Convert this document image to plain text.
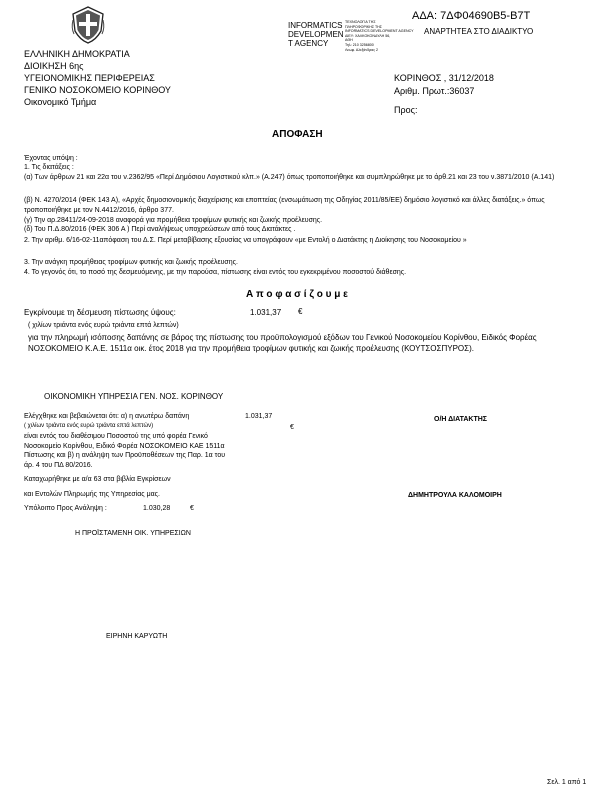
ΕΛΛΗΝΙΚΗ ΔΗΜΟΚΡΑΤΙΑ
ΔΙΟΙΚΗΣΗ 6ης
ΥΓΕΙΟΝΟΜΙΚΗΣ ΠΕΡΙΦΕΡΕΙΑΣ
ΓΕΝΙΚΟ ΝΟΣΟΚΟΜΕΙΟ ΚΟΡΙΝΘΟΥ
Οικονομικό Τμήμα
INFORMATICS
DEVELOPMEN
T AGENCY
ΤΕΧΝΟΛΟΓΙΑ ΤΗΣ
ΠΛΗΡΟΦΟΡΙΚΗΣ ΤΗΣ
INFORMATICS DEVELOPMENT AGENCY
ΔΙΕΥ: ΧΑΛΚΟΚΟΝΔΥΛΗ 56,
ΑΘΗ
Τηλ: 210 3256800
Λεωφ. Αλεξάνδρας 2
ΑΔΑ: 7ΔΦ04690Β5-Β7Τ
ΑΝΑΡΤΗΤΕΑ ΣΤΟ ΔΙΑΔΙΚΤΥΟ
ΚΟΡΙΝΘΟΣ , 31/12/2018
Αριθμ. Πρωτ.:36037
Προς:
ΑΠΟΦΑΣΗ
Έχοντας υπόψη :
1. Τις διατάξεις :
(α) Των άρθρων 21 και 22α του ν.2362/95 «Περί Δημόσιου Λογιστικού κλπ.» (Α.247) όπως τροποποιήθηκε και συμπληρώθηκε με το άρθ.21 και 23 του ν.3871/2010 (Α.141)
(β) Ν. 4270/2014 (ΦΕΚ 143 Α), «Αρχές δημοσιονομικής διαχείρισης και εποπτείας (ενσωμάτωση της Οδηγίας 2011/85/ΕΕ) δημόσιο λογιστικό και άλλες διατάξεις.» όπως τροποποιήθηκε με τον Ν.4412/2016, άρθρο 377.
(γ) Την αρ.28411/24-09-2018 αναφορά για προμήθεια τροφίμων φυτικής και ζωικής προέλευσης.
(δ) Του Π.Δ.80/2016 (ΦΕΚ 306 Α ) Περί αναλήψεως υποχρεώσεων από τους Διατάκτες .
2. Την αριθμ. 6/16-02-11απόφαση του Δ.Σ. Περί μεταβίβασης εξουσίας να υπογράφουν «με Εντολή ο Διατάκτης η Διοίκησης του Νοσοκομείου »
3. Την ανάγκη προμήθειας τροφίμων φυτικής και ζωικής προέλευσης.
4. Το γεγονός ότι, το ποσό της δεσμευόμενης, με την παρούσα, πίστωσης είναι εντός του εγκεκριμένου ποσοστού διάθεσης.
Α π ο φ α σ ί ζ ο υ μ ε
Εγκρίνουμε τη δέσμευση πίστωσης ύψους:	1.031,37 €
( χιλίων τριάντα ενός ευρώ τριάντα επτά λεπτών)
για την πληρωμή ισόποσης δαπάνης σε βάρος της πίστωσης του προϋπολογισμού εξόδων του Γενικού Νοσοκομείου Κορίνθου, Ειδικός Φορέας ΝΟΣΟΚΟΜΕΙΟ Κ.Α.Ε. 1511α οικ. έτος 2018 για την προμήθεια τροφίμων φυτικής και ζωικής προέλευσης (ΚΟΥΤΣΟΣΠΥΡΟΣ).
ΟΙΚΟΝΟΜΙΚΗ ΥΠΗΡΕΣΙΑ ΓΕΝ. ΝΟΣ. ΚΟΡΙΝΘΟΥ
Ελέγχθηκε και βεβαιώνεται ότι: α) η ανωτέρω δαπάνη	1.031,37
( χιλίων τριάντα ενός ευρώ τριάντα επτά λεπτών)	€
είναι εντός του διαθέσιμου Ποσοστού της υπό φορέα Γενικό
Νοσοκομείο Κορίνθου, Ειδικό Φορέα ΝΟΣΟΚΟΜΕΙΟ ΚΑΕ 1511α
Πίστωσης και β) η ανάληψη των Προϋποθέσεων της Παρ. 1α του
άρ. 4 του ΠΔ 80/2016.
Καταχωρήθηκε με α/α 63 στα βιβλία Εγκρίσεων
και Εντολών Πληρωμής της Υπηρεσίας μας.
Υπόλοιπο Προς Ανάληψη :	1.030,28	€
Ο/Η ΔΙΑΤΑΚΤΗΣ
ΔΗΜΗΤΡΟΥΛΑ ΚΑΛΟΜΟΙΡΗ
Η ΠΡΟΪΣΤΑΜΕΝΗ ΟΙΚ. ΥΠΗΡΕΣΙΩΝ
ΕΙΡΗΝΗ ΚΑΡΥΩΤΗ
Σελ. 1 από 1
